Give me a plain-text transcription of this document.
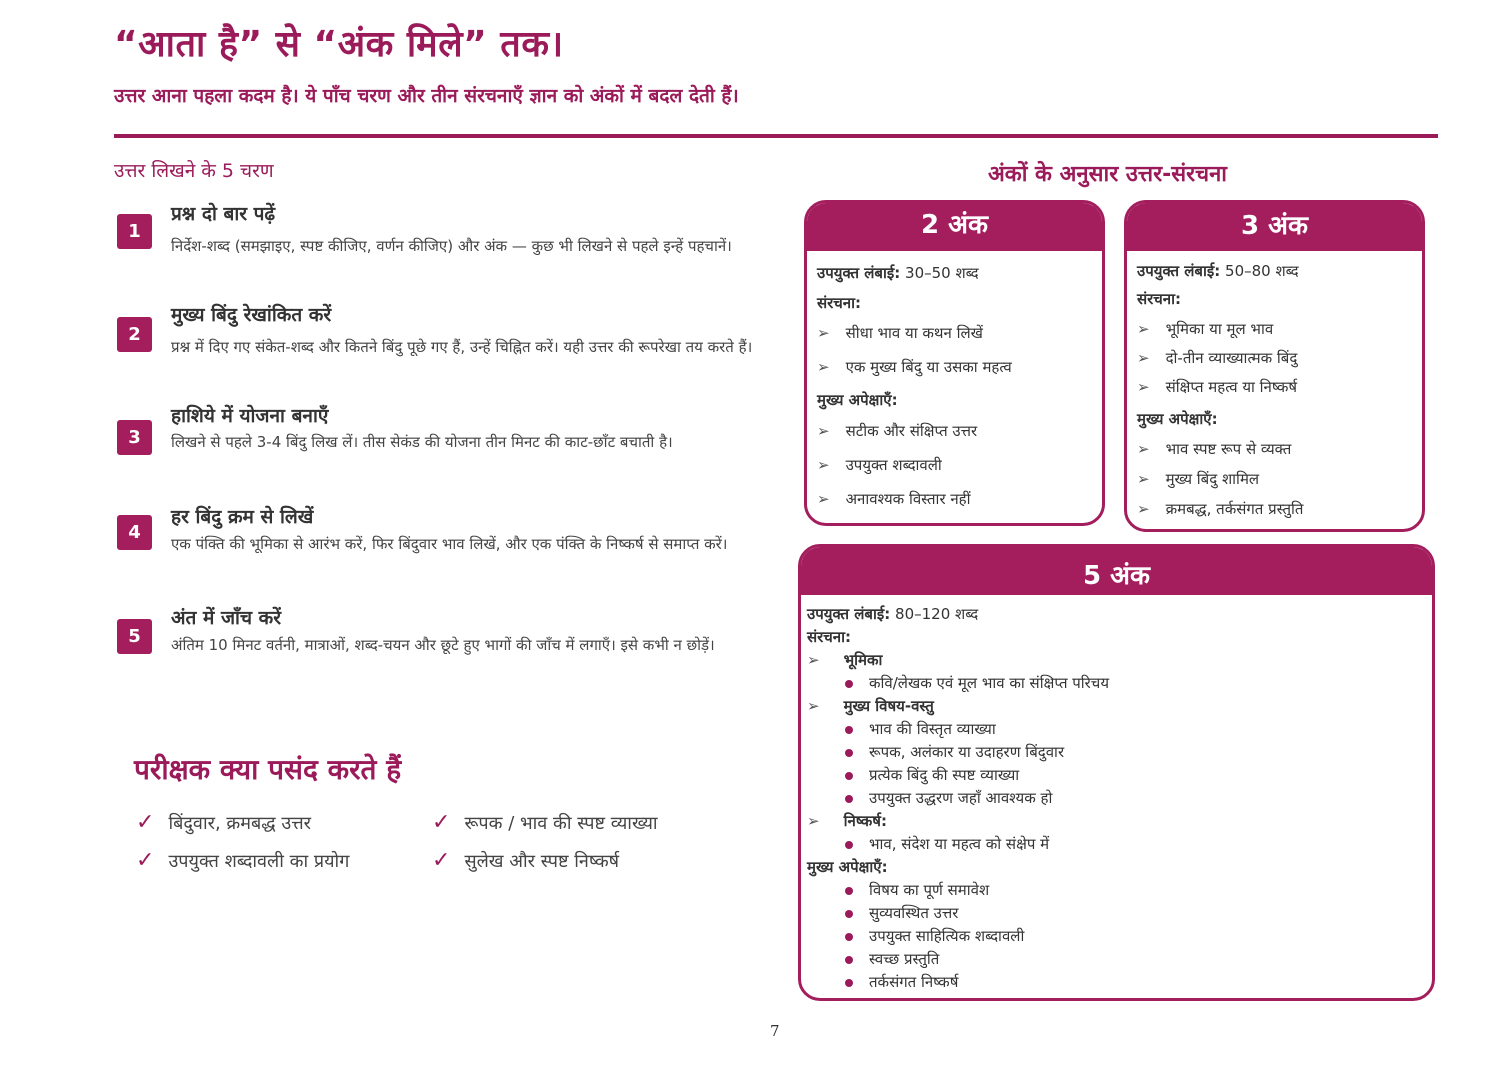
“आता है” से “अंक मिले” तक।
उत्तर आना पहला कदम है। ये पाँच चरण और तीन संरचनाएँ ज्ञान को अंकों में बदल देती हैं।
उत्तर लिखने के 5 चरण
1
प्रश्न दो बार पढ़ें
निर्देश-शब्द (समझाइए, स्पष्ट कीजिए, वर्णन कीजिए) और अंक — कुछ भी लिखने से पहले इन्हें पहचानें।
2
मुख्य बिंदु रेखांकित करें
प्रश्न में दिए गए संकेत-शब्द और कितने बिंदु पूछे गए हैं, उन्हें चिह्नित करें। यही उत्तर की रूपरेखा तय करते हैं।
3
हाशिये में योजना बनाएँ
लिखने से पहले 3-4 बिंदु लिख लें। तीस सेकंड की योजना तीन मिनट की काट-छाँट बचाती है।
4
हर बिंदु क्रम से लिखें
एक पंक्ति की भूमिका से आरंभ करें, फिर बिंदुवार भाव लिखें, और एक पंक्ति के निष्कर्ष से समाप्त करें।
5
अंत में जाँच करें
अंतिम 10 मिनट वर्तनी, मात्राओं, शब्द-चयन और छूटे हुए भागों की जाँच में लगाएँ। इसे कभी न छोड़ें।
परीक्षक क्या पसंद करते हैं
✓ बिंदुवार, क्रमबद्ध उत्तर	✓ रूपक / भाव की स्पष्ट व्याख्या
✓ उपयुक्त शब्दावली का प्रयोग	✓ सुलेख और स्पष्ट निष्कर्ष
अंकों के अनुसार उत्तर-संरचना
2 अंक
उपयुक्त लंबाई: 30–50 शब्द
संरचना:
➢ सीधा भाव या कथन लिखें
➢ एक मुख्य बिंदु या उसका महत्व
मुख्य अपेक्षाएँ:
➢ सटीक और संक्षिप्त उत्तर
➢ उपयुक्त शब्दावली
➢ अनावश्यक विस्तार नहीं
3 अंक
उपयुक्त लंबाई: 50–80 शब्द
संरचना:
➢ भूमिका या मूल भाव
➢ दो-तीन व्याख्यात्मक बिंदु
➢ संक्षिप्त महत्व या निष्कर्ष
मुख्य अपेक्षाएँ:
➢ भाव स्पष्ट रूप से व्यक्त
➢ मुख्य बिंदु शामिल
➢ क्रमबद्ध, तर्कसंगत प्रस्तुति
5 अंक
उपयुक्त लंबाई: 80–120 शब्द
संरचना:
➢ भूमिका
कवि/लेखक एवं मूल भाव का संक्षिप्त परिचय
➢ मुख्य विषय-वस्तु
भाव की विस्तृत व्याख्या
रूपक, अलंकार या उदाहरण बिंदुवार
प्रत्येक बिंदु की स्पष्ट व्याख्या
उपयुक्त उद्धरण जहाँ आवश्यक हो
➢ निष्कर्ष:
भाव, संदेश या महत्व को संक्षेप में
मुख्य अपेक्षाएँ:
विषय का पूर्ण समावेश
सुव्यवस्थित उत्तर
उपयुक्त साहित्यिक शब्दावली
स्वच्छ प्रस्तुति
तर्कसंगत निष्कर्ष
7
